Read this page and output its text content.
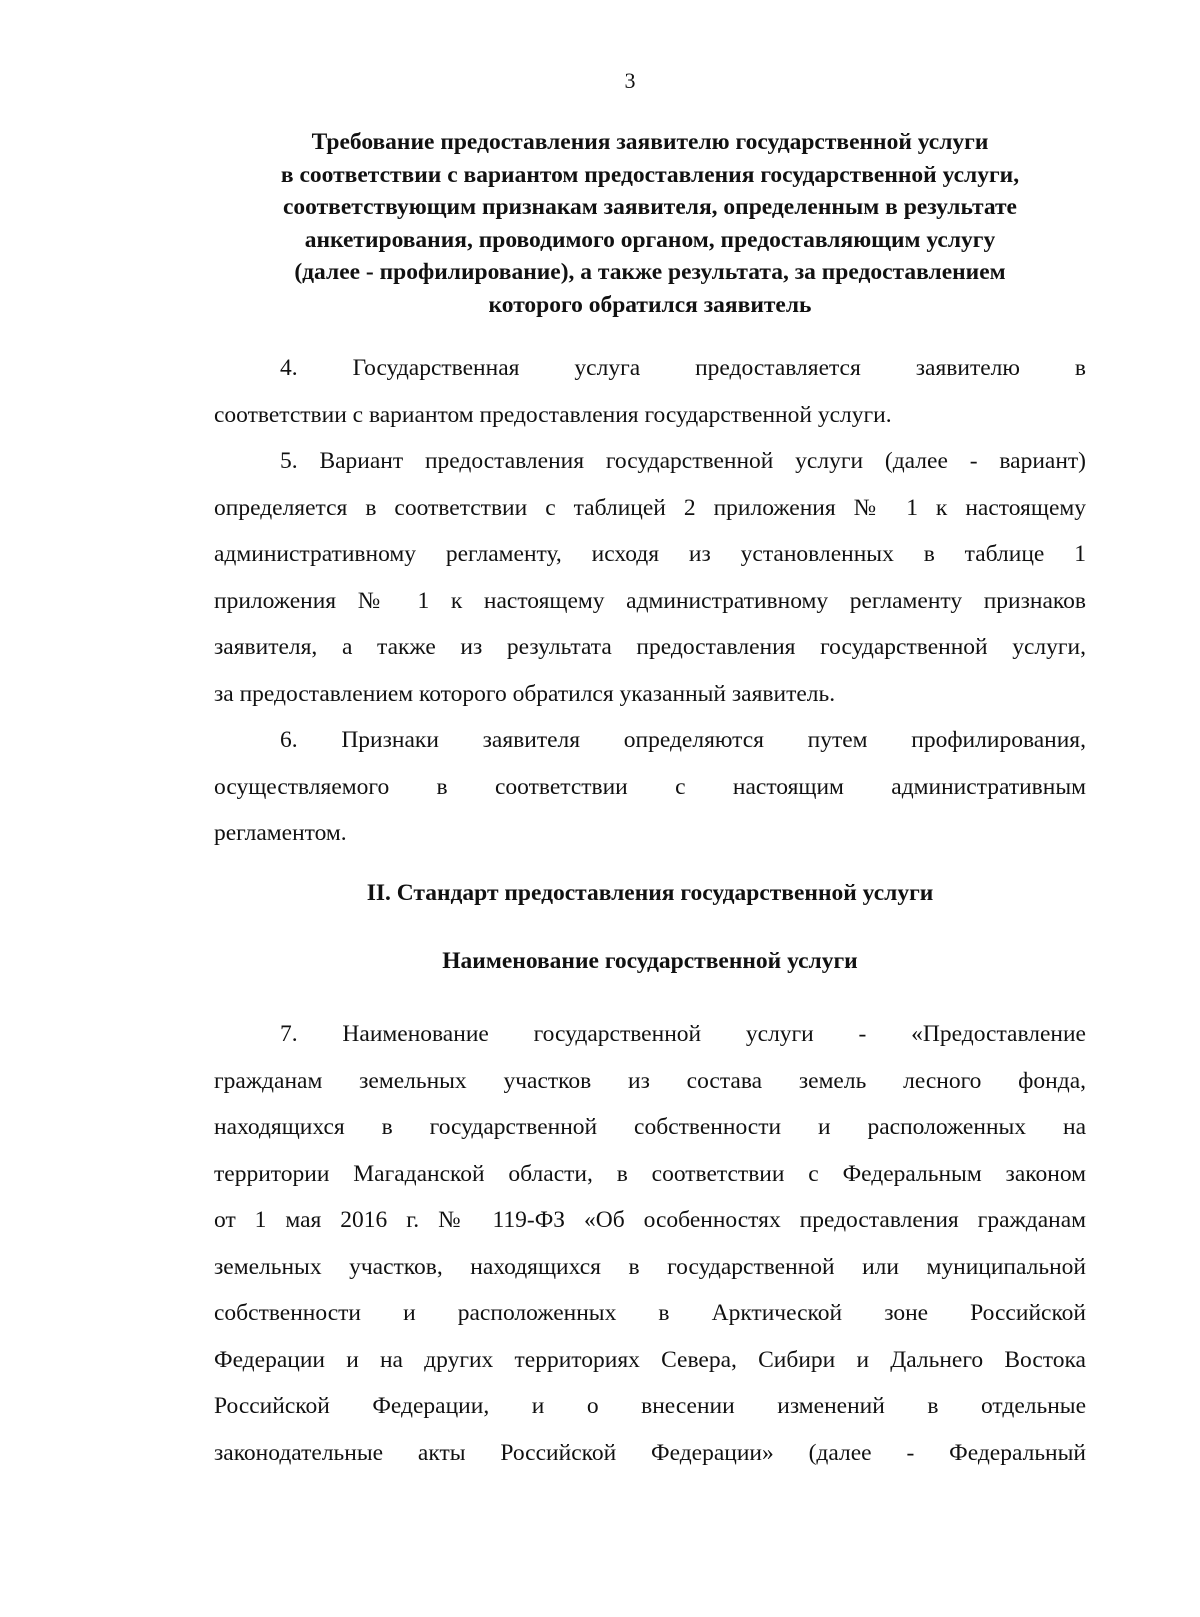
3
Требование предоставления заявителю государственной услуги
в соответствии с вариантом предоставления государственной услуги,
соответствующим признакам заявителя, определенным в результате
анкетирования, проводимого органом, предоставляющим услугу
(далее - профилирование), а также результата, за предоставлением
которого обратился заявитель
4. Государственная услуга предоставляется заявителю в
соответствии с вариантом предоставления государственной услуги.
5. Вариант предоставления государственной услуги (далее - вариант)
определяется в соответствии с таблицей 2 приложения № 1 к настоящему
административному регламенту, исходя из установленных в таблице 1
приложения № 1 к настоящему административному регламенту признаков
заявителя, а также из результата предоставления государственной услуги,
за предоставлением которого обратился указанный заявитель.
6. Признаки заявителя определяются путем профилирования,
осуществляемого в соответствии с настоящим административным
регламентом.
II. Стандарт предоставления государственной услуги
Наименование государственной услуги
7. Наименование государственной услуги - «Предоставление
гражданам земельных участков из состава земель лесного фонда,
находящихся в государственной собственности и расположенных на
территории Магаданской области, в соответствии с Федеральным законом
от 1 мая 2016 г. № 119-ФЗ «Об особенностях предоставления гражданам
земельных участков, находящихся в государственной или муниципальной
собственности и расположенных в Арктической зоне Российской
Федерации и на других территориях Севера, Сибири и Дальнего Востока
Российской Федерации, и о внесении изменений в отдельные
законодательные акты Российской Федерации» (далее - Федеральный
